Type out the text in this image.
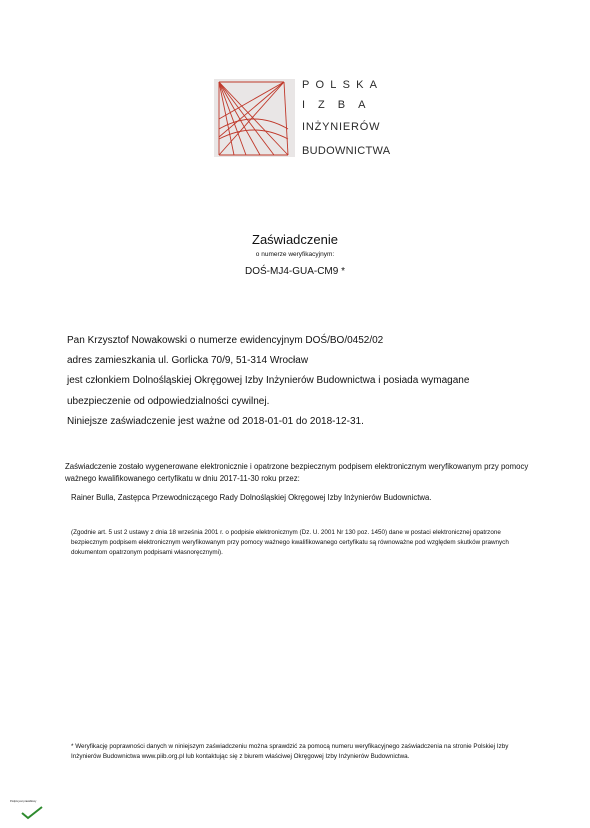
POLSKA
IZBA
INŻYNIERÓW
BUDOWNICTWA
Zaświadczenie
o numerze weryfikacyjnym:
DOŚ-MJ4-GUA-CM9 *
Pan Krzysztof Nowakowski o numerze ewidencyjnym DOŚ/BO/0452/02
adres zamieszkania ul. Gorlicka 70/9, 51-314 Wrocław
jest członkiem Dolnośląskiej Okręgowej Izby Inżynierów Budownictwa i posiada wymagane
ubezpieczenie od odpowiedzialności cywilnej.
Niniejsze zaświadczenie jest ważne od 2018-01-01 do 2018-12-31.
Zaświadczenie zostało wygenerowane elektronicznie i opatrzone bezpiecznym podpisem elektronicznym weryfikowanym przy pomocy ważnego kwalifikowanego certyfikatu w dniu 2017-11-30 roku przez:
Rainer Bulla, Zastępca Przewodniczącego Rady Dolnośląskiej Okręgowej Izby Inżynierów Budownictwa.
(Zgodnie art. 5 ust 2 ustawy z dnia 18 września 2001 r. o podpisie elektronicznym (Dz. U. 2001 Nr 130 poz. 1450) dane w postaci elektronicznej opatrzone bezpiecznym podpisem elektronicznym weryfikowanym przy pomocy ważnego kwalifikowanego certyfikatu są równoważne pod względem skutków prawnych dokumentom opatrzonym podpisami własnoręcznymi).
* Weryfikację poprawności danych w niniejszym zaświadczeniu można sprawdzić za pomocą numeru weryfikacyjnego zaświadczenia na stronie Polskiej Izby Inżynierów Budownictwa www.piib.org.pl lub kontaktując się z biurem właściwej Okręgowej Izby Inżynierów Budownictwa.
Podpis jest prawidłowy
